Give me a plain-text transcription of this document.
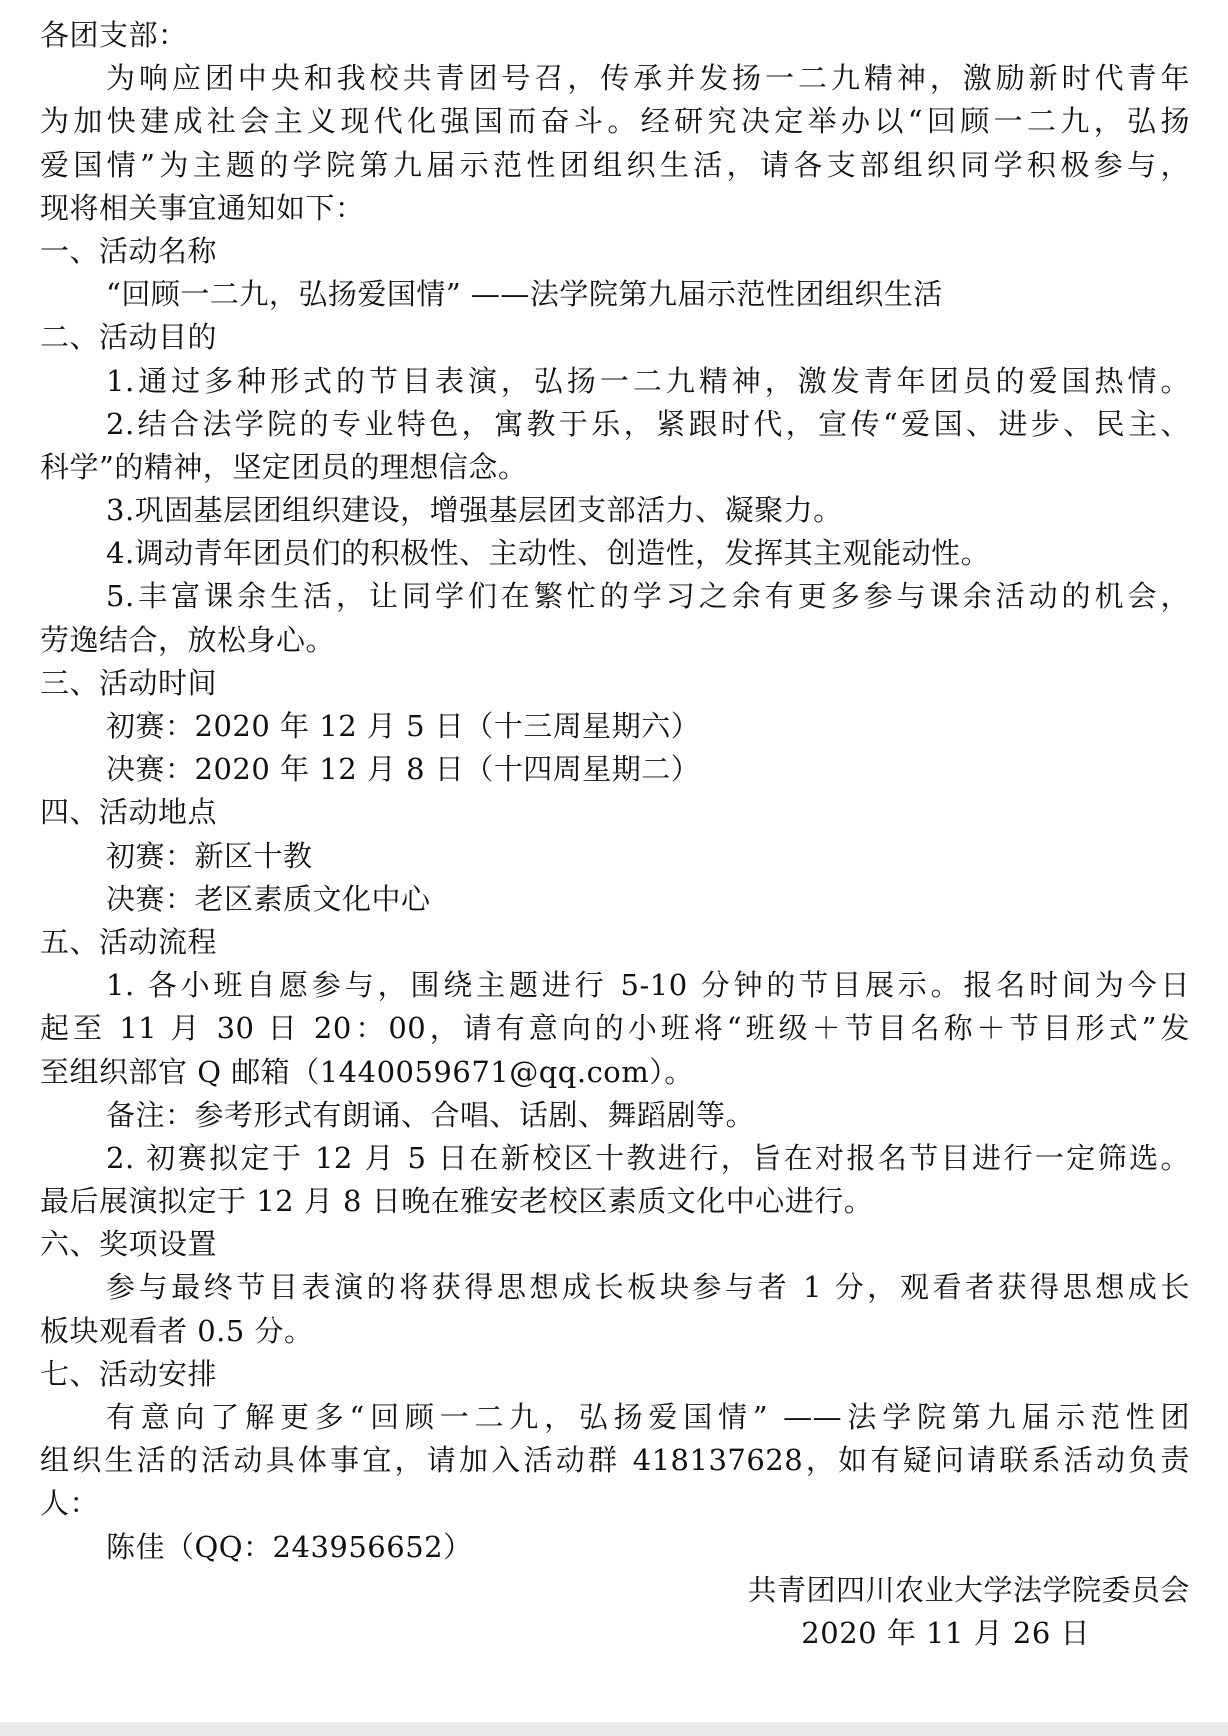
各团支部：
为响应团中央和我校共青团号召，传承并发扬一二九精神，激励新时代青年
为加快建成社会主义现代化强国而奋斗。经研究决定举办以“回顾一二九，弘扬
爱国情”为主题的学院第九届示范性团组织生活，请各支部组织同学积极参与，
现将相关事宜通知如下：
一、活动名称
“回顾一二九，弘扬爱国情” ——法学院第九届示范性团组织生活
二、活动目的
1.通过多种形式的节目表演，弘扬一二九精神，激发青年团员的爱国热情。
2.结合法学院的专业特色，寓教于乐，紧跟时代，宣传“爱国、进步、民主、
科学”的精神，坚定团员的理想信念。
3.巩固基层团组织建设，增强基层团支部活力、凝聚力。
4.调动青年团员们的积极性、主动性、创造性，发挥其主观能动性。
5.丰富课余生活，让同学们在繁忙的学习之余有更多参与课余活动的机会，
劳逸结合，放松身心。
三、活动时间
初赛：2020 年 12 月 5 日（十三周星期六）
决赛：2020 年 12 月 8 日（十四周星期二）
四、活动地点
初赛：新区十教
决赛：老区素质文化中心
五、活动流程
1. 各小班自愿参与，围绕主题进行 5-10 分钟的节目展示。报名时间为今日
起至 11 月 30 日 20：00，请有意向的小班将“班级＋节目名称＋节目形式”发
至组织部官 Q 邮箱（1440059671@qq.com）。
备注：参考形式有朗诵、合唱、话剧、舞蹈剧等。
2. 初赛拟定于 12 月 5 日在新校区十教进行，旨在对报名节目进行一定筛选。
最后展演拟定于 12 月 8 日晚在雅安老校区素质文化中心进行。
六、奖项设置
参与最终节目表演的将获得思想成长板块参与者 1 分，观看者获得思想成长
板块观看者 0.5 分。
七、活动安排
有意向了解更多“回顾一二九，弘扬爱国情” ——法学院第九届示范性团
组织生活的活动具体事宜，请加入活动群 418137628，如有疑问请联系活动负责
人：
陈佳（QQ：243956652）
共青团四川农业大学法学院委员会
2020 年 11 月 26 日
